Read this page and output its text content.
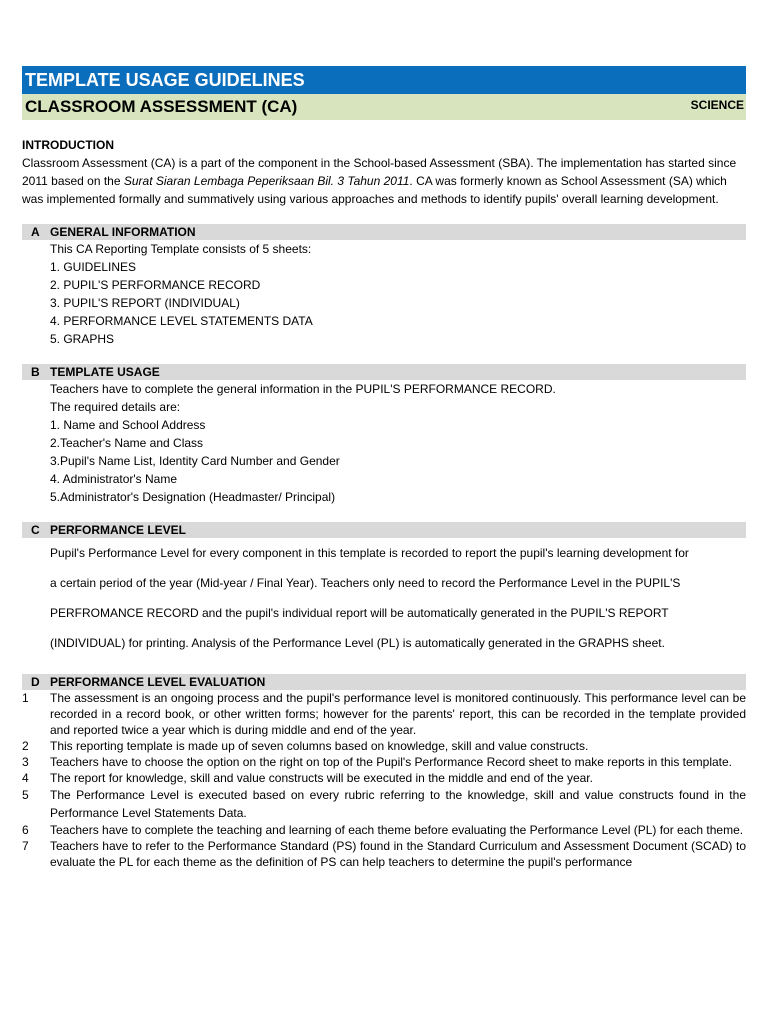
TEMPLATE USAGE GUIDELINES
CLASSROOM ASSESSMENT (CA)	SCIENCE
INTRODUCTION

Classroom Assessment (CA) is a part of the component in the School-based Assessment (SBA). The implementation has started since 2011 based on the Surat Siaran Lembaga Peperiksaan Bil. 3 Tahun 2011. CA was formerly known as School Assessment (SA) which was implemented formally and summatively using various approaches and methods to identify pupils' overall learning development.

A GENERAL INFORMATION
This CA Reporting Template consists of 5 sheets:
1. GUIDELINES
2. PUPIL'S PERFORMANCE RECORD
3. PUPIL'S REPORT (INDIVIDUAL)
4. PERFORMANCE LEVEL STATEMENTS DATA
5. GRAPHS
B TEMPLATE USAGE
Teachers have to complete the general information in the PUPIL'S PERFORMANCE RECORD.
The required details are:
1. Name and School Address
2.Teacher's Name and Class
3.Pupil's Name List, Identity Card Number and Gender
4. Administrator's Name
5.Administrator's Designation (Headmaster/ Principal)
C PERFORMANCE LEVEL

Pupil's Performance Level for every component in this template is recorded to report the pupil's learning development for

a certain period of the year (Mid-year / Final Year). Teachers only need to record the Performance Level in the PUPIL'S

PERFROMANCE RECORD and the pupil's individual report will be automatically generated in the PUPIL'S REPORT

(INDIVIDUAL) for printing. Analysis of the Performance Level (PL) is automatically generated in the GRAPHS sheet.

D PERFORMANCE LEVEL EVALUATION
1	The assessment is an ongoing process and the pupil's performance level is monitored continuously. This performance level can be recorded in a record book, or other written forms; however for the parents' report, this can be recorded in the template provided and reported twice a year which is during middle and end of the year.
2	This reporting template is made up of seven columns based on knowledge, skill and value constructs.
3	Teachers have to choose the option on the right on top of the Pupil's Performance Record sheet to make reports in this template.
4	The report for knowledge, skill and value constructs will be executed in the middle and end of the year.
5	The Performance Level is executed based on every rubric referring to the knowledge, skill and value constructs found in the Performance Level Statements Data.
6	Teachers have to complete the teaching and learning of each theme before evaluating the Performance Level (PL) for each theme.
7	Teachers have to refer to the Performance Standard (PS) found in the Standard Curriculum and Assessment Document (SCAD) to evaluate the PL for each theme as the definition of PS can help teachers to determine the pupil's performance
